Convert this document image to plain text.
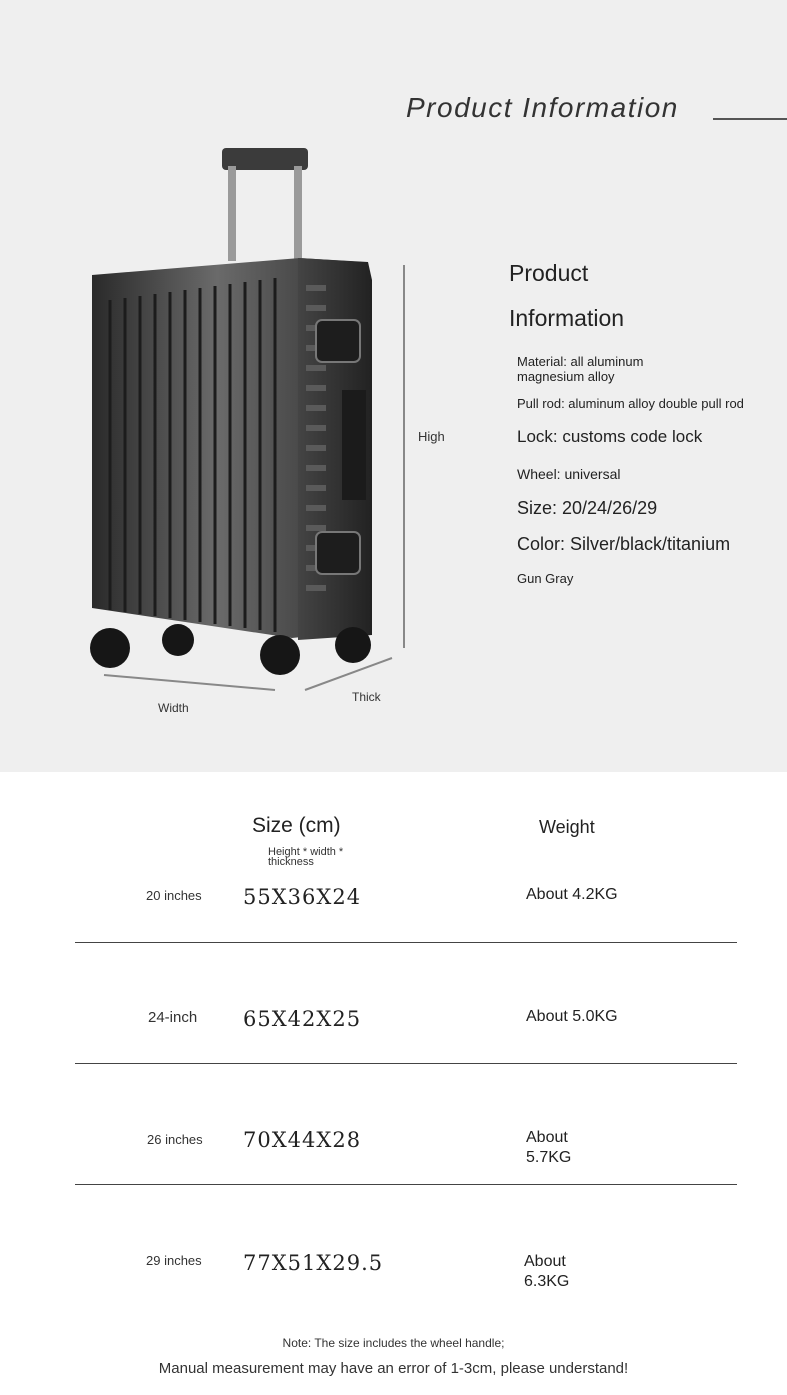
Product Information
High
Width
Thick
Product
Information
Material: all aluminum magnesium alloy
Pull rod: aluminum alloy double pull rod
Lock: customs code lock
Wheel: universal
Size: 20/24/26/29
Color: Silver/black/titanium
Gun Gray
Size (cm)
Height * width * thickness
Weight
20 inches 55X36X24	About 4.2KG
24-inch 65X42X25	About 5.0KG
26 inches 70X44X28	About 5.7KG
29 inches 77X51X29.5	About 6.3KG
Note: The size includes the wheel handle;
Manual measurement may have an error of 1-3cm, please understand!
